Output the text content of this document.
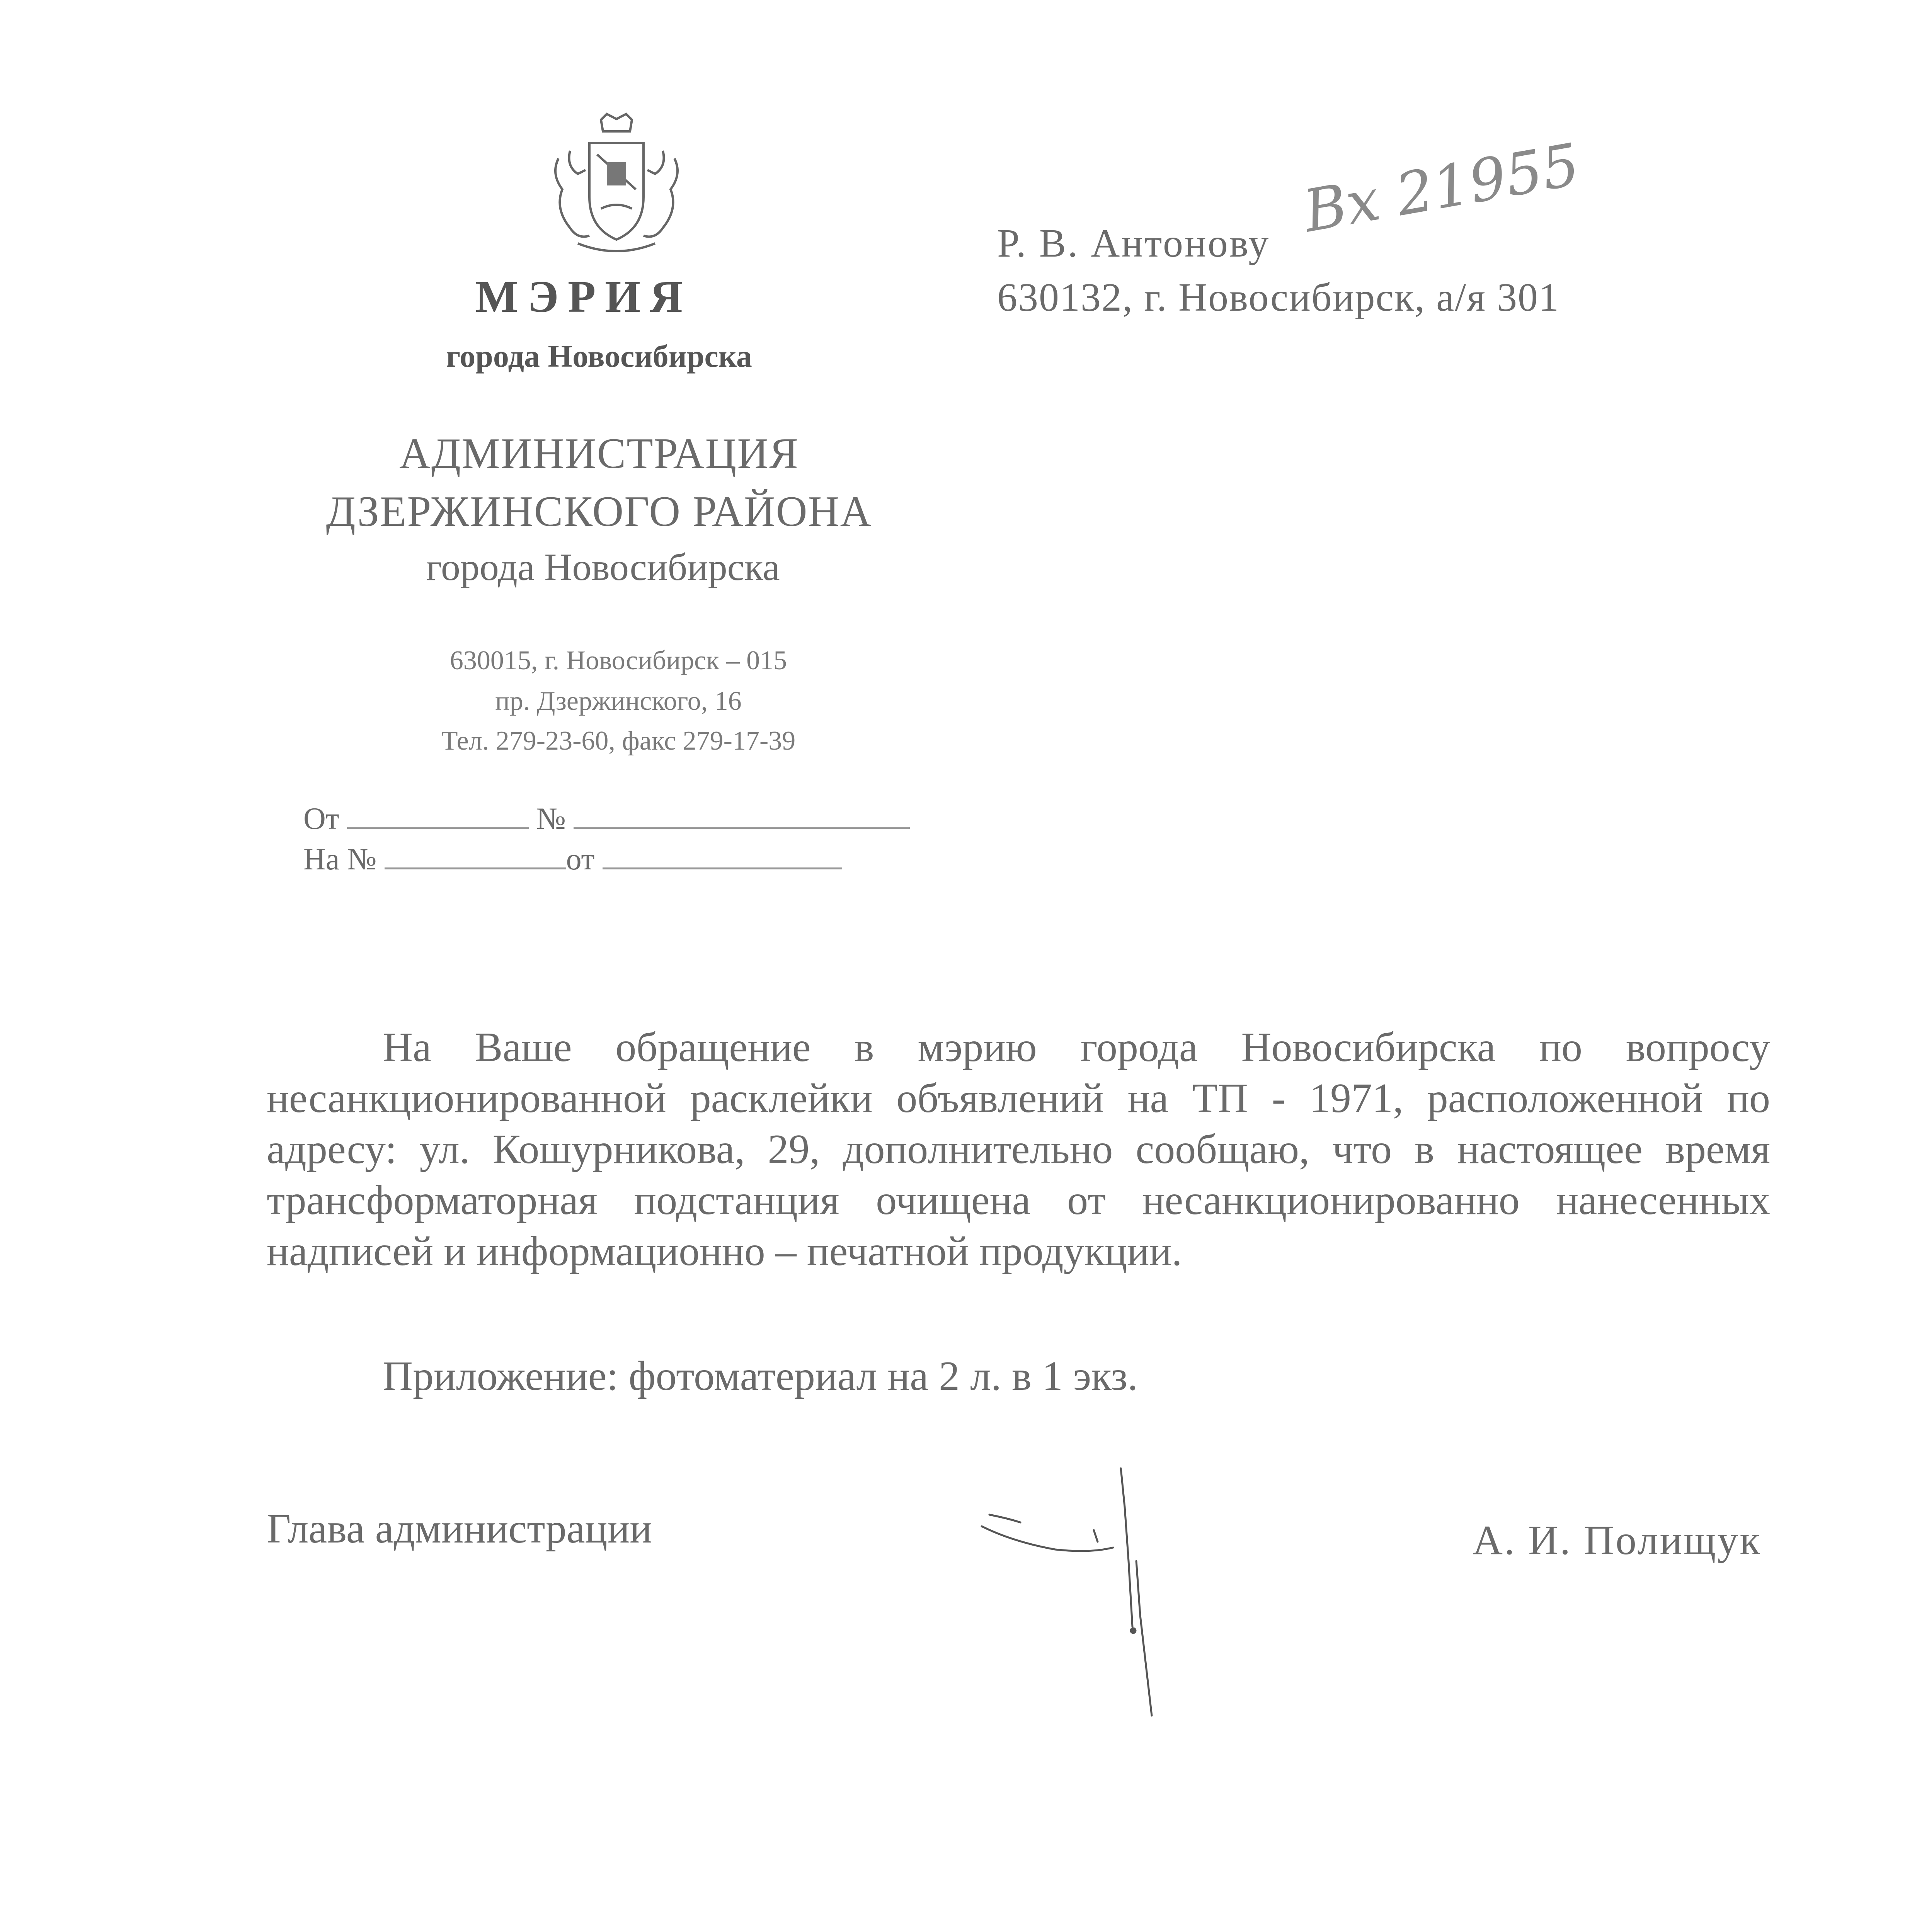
МЭРИЯ
города Новосибирска
АДМИНИСТРАЦИЯ
ДЗЕРЖИНСКОГО РАЙОНА
города Новосибирска
630015, г. Новосибирск – 015
пр. Дзержинского, 16
Тел. 279-23-60, факс 279-17-39
От	№
На №	от
Р. В. Антонову
630132, г. Новосибирск, а/я 301
Вх 21955
На Ваше обращение в мэрию города Новосибирска по вопросу несанкционированной расклейки объявлений на ТП - 1971, расположенной по адресу: ул. Кошурникова, 29, дополнительно сообщаю, что в настоящее время трансформаторная подстанция очищена от несанкционированно нанесенных надписей и информационно – печатной продукции.
Приложение: фотоматериал на 2 л. в 1 экз.
Глава администрации	А. И. Полищук
